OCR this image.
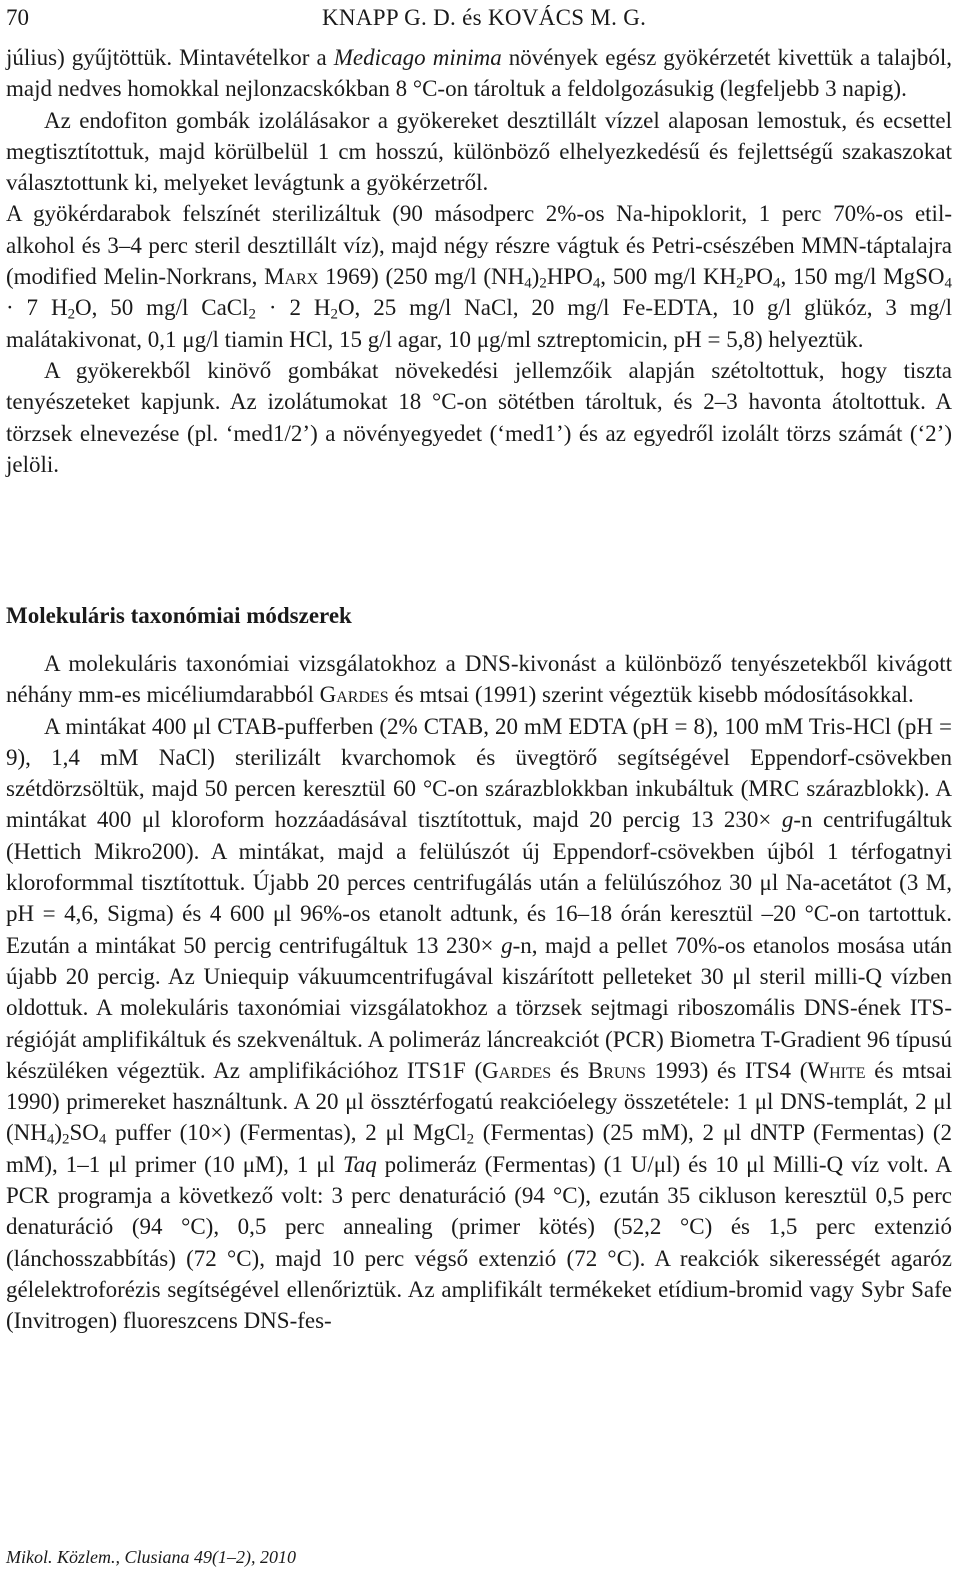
70	KNAPP G. D. és KOVÁCS M. G.

július) gyűjtöttük. Mintavételkor a Medicago minima növények egész gyökérzetét kivettük a talajból, majd nedves homokkal nejlonzacskókban 8 °C-on tároltuk a feldolgozásukig (legfeljebb 3 napig).

Az endofiton gombák izolálásakor a gyökereket desztillált vízzel alaposan lemostuk, és ecsettel megtisztítottuk, majd körülbelül 1 cm hosszú, különböző elhelyezkedésű és fejlettségű szakaszokat választottunk ki, melyeket levágtunk a gyökérzetről.

A gyökérdarabok felszínét sterilizáltuk (90 másodperc 2%-os Na-hipoklorit, 1 perc 70%-os etil-alkohol és 3–4 perc steril desztillált víz), majd négy részre vágtuk és Petri-csészében MMN-táptalajra (modified Melin-Norkrans, Marx 1969) (250 mg/l $(NH_4)_2HPO_4$, 500 mg/l $KH_2PO_4$, 150 mg/l MgSO$_4$ · 7 $H_2O$, 50 mg/l CaCl$_2$ · 2 $H_2O$, 25 mg/l NaCl, 20 mg/l Fe-EDTA, 10 g/l glükóz, 3 mg/l malátakivonat, 0,1 μg/l tiamin HCl, 15 g/l agar, 10 μg/ml sztreptomicin, pH = 5,8) helyeztük.

A gyökerekből kinövő gombákat növekedési jellemzőik alapján szétoltottuk, hogy tiszta tenyészeteket kapjunk. Az izolátumokat 18 °C-on sötétben tároltuk, és 2–3 havonta átoltottuk. A törzsek elnevezése (pl. ‘med1/2’) a növényegyedet (‘med1’) és az egyedről izolált törzs számát (‘2’) jelöli.

Molekuláris taxonómiai módszerek

A molekuláris taxonómiai vizsgálatokhoz a DNS-kivonást a különböző tenyészetekből kivágott néhány mm-es micéliumdarabból Gardes és mtsai (1991) szerint végeztük kisebb módosításokkal.

A mintákat 400 μl CTAB-pufferben (2% CTAB, 20 mM EDTA (pH = 8), 100 mM Tris-HCl (pH = 9), 1,4 mM NaCl) sterilizált kvarchomok és üvegtörő segítségével Eppendorf-csövekben szétdörzsöltük, majd 50 percen keresztül 60 °C-on szárazblokkban inkubáltuk (MRC szárazblokk). A mintákat 400 μl kloroform hozzáadásával tisztítottuk, majd 20 percig 13 230× g-n centrifugáltuk (Hettich Mikro200). A mintákat, majd a felülúszót új Eppendorf-csövekben újból 1 térfogatnyi kloroformmal tisztítottuk. Újabb 20 perces centrifugálás után a felülúszóhoz 30 μl Na-acetátot (3 M, pH = 4,6, Sigma) és 4 600 μl 96%-os etanolt adtunk, és 16–18 órán keresztül –20 °C-on tartottuk. Ezután a mintákat 50 percig centrifugáltuk 13 230× g-n, majd a pellet 70%-os etanolos mosása után újabb 20 percig. Az Uniequip vákuumcentrifugával kiszárított pelleteket 30 μl steril milli-Q vízben oldottuk. A molekuláris taxonómiai vizsgálatokhoz a törzsek sejtmagi riboszomális DNS-ének ITS-régióját amplifikáltuk és szekvenáltuk. A polimeráz láncreakciót (PCR) Biometra T-Gradient 96 típusú készüléken végeztük. Az amplifikációhoz ITS1F (Gardes és Bruns 1993) és ITS4 (White és mtsai 1990) primereket használtunk. A 20 μl össztérfogatú reakcióelegy összetétele: 1 μl DNS-templát, 2 μl $(NH_4)_2SO_4$ puffer (10×) (Fermentas), 2 μl MgCl$_2$ (Fermentas) (25 mM), 2 μl dNTP (Fermentas) (2 mM), 1–1 μl primer (10 μM), 1 μl Taq polimeráz (Fermentas) (1 U/μl) és 10 μl Milli-Q víz volt. A PCR programja a következő volt: 3 perc denaturáció (94 °C), ezután 35 cikluson keresztül 0,5 perc denaturáció (94 °C), 0,5 perc annealing (primer kötés) (52,2 °C) és 1,5 perc extenzió (lánchosszabbítás) (72 °C), majd 10 perc végső extenzió (72 °C). A reakciók sikerességét agaróz gélelektroforézis segítségével ellenőriztük. Az amplifikált termékeket etídium-bromid vagy Sybr Safe (Invitrogen) fluoreszcens DNS-fes-

Mikol. Közlem., Clusiana 49(1–2), 2010
